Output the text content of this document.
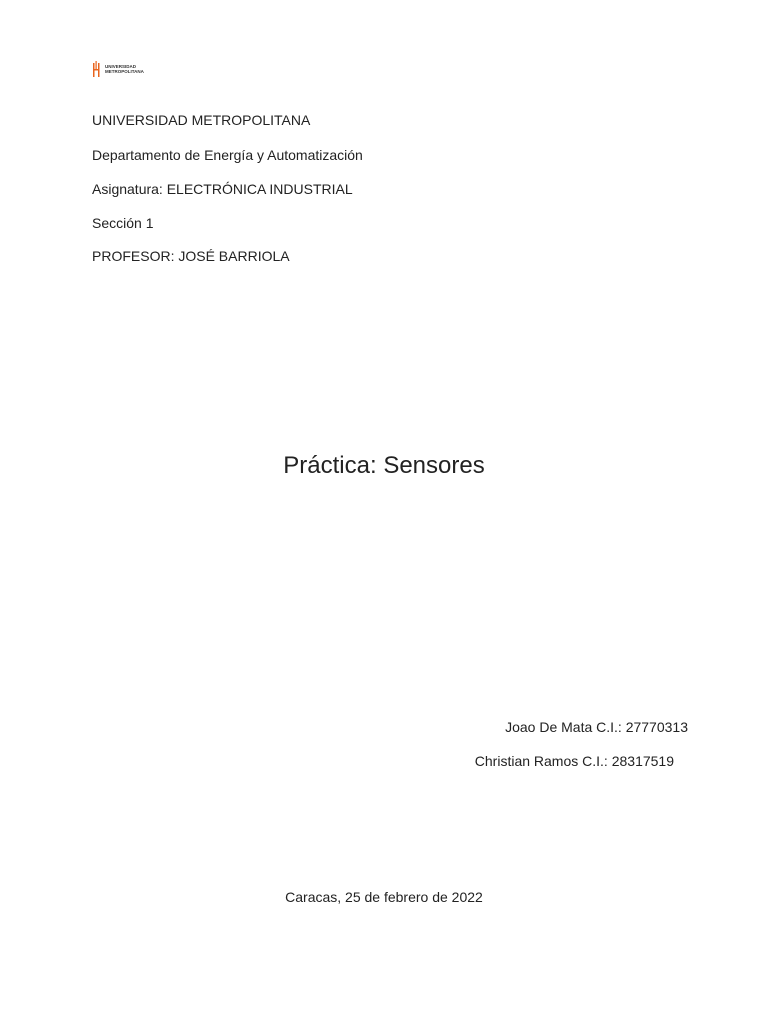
UNIVERSIDAD
METROPOLITANA
UNIVERSIDAD METROPOLITANA
Departamento de Energía y Automatización
Asignatura: ELECTRÓNICA INDUSTRIAL
Sección 1
PROFESOR: JOSÉ BARRIOLA
Práctica: Sensores
Joao De Mata C.I.: 27770313
Christian Ramos C.I.: 28317519
Caracas, 25 de febrero de 2022
